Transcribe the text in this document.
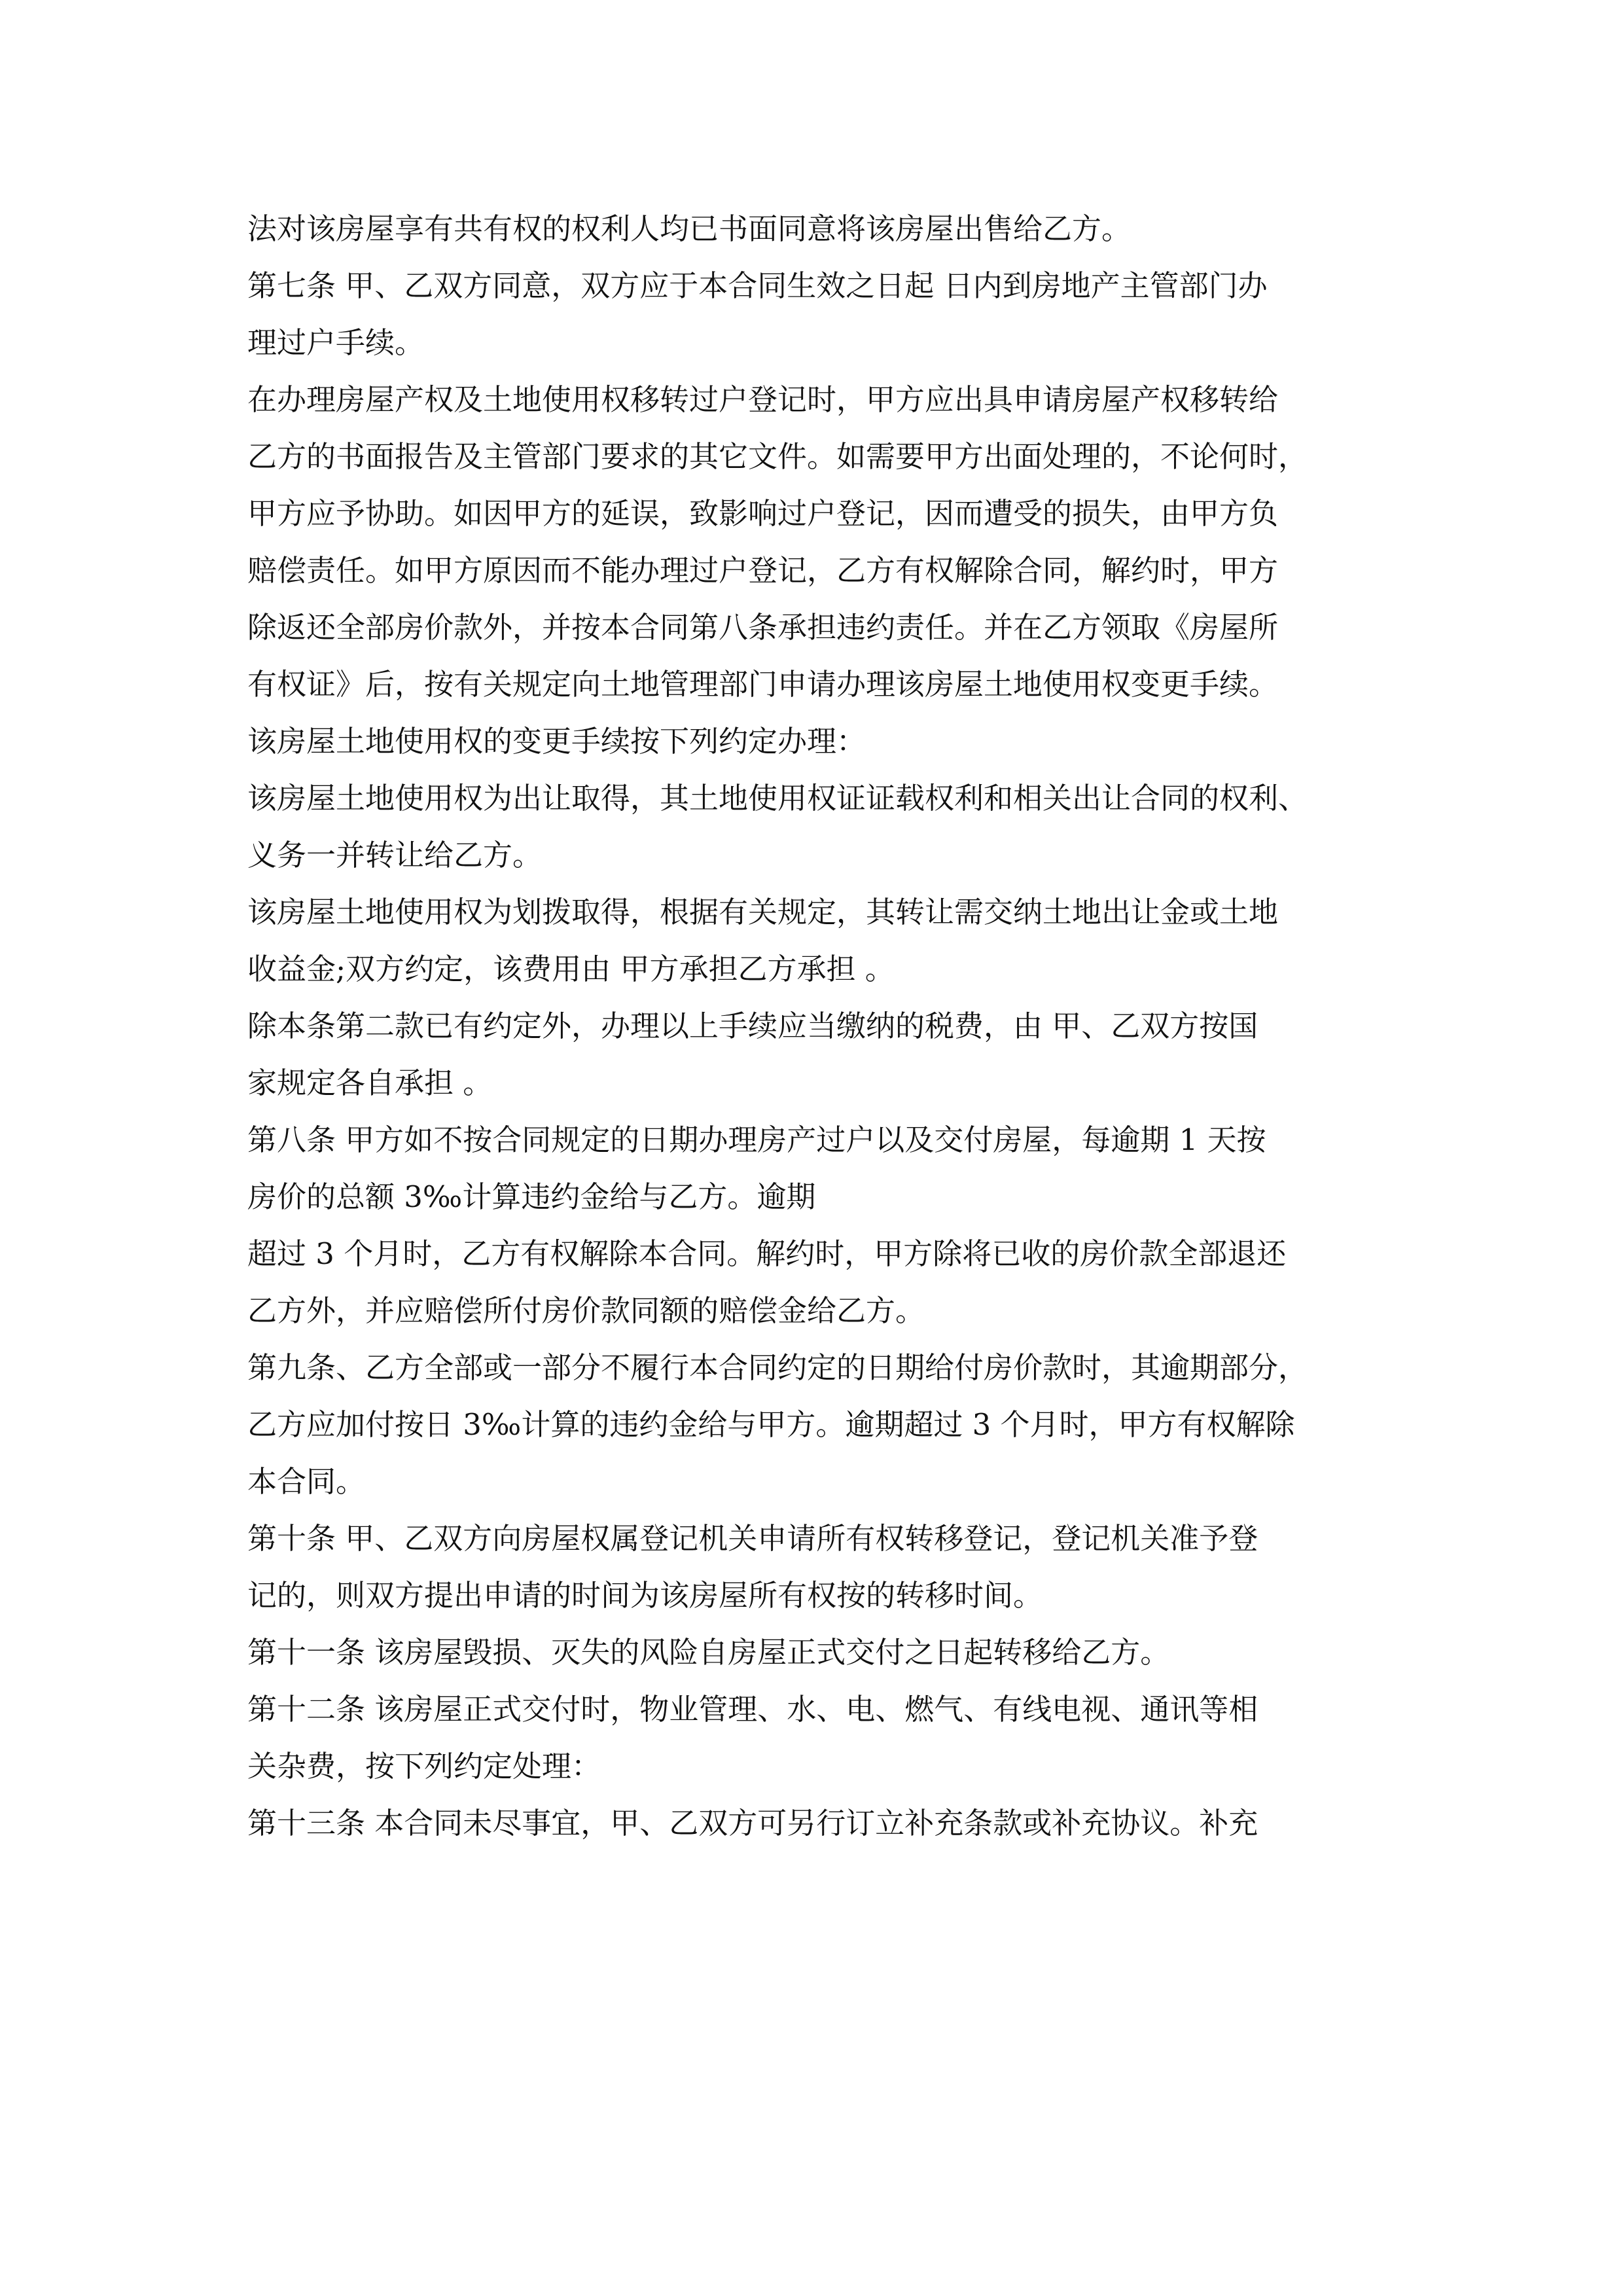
法对该房屋享有共有权的权利人均已书面同意将该房屋出售给乙方。
第七条 甲、乙双方同意，双方应于本合同生效之日起 日内到房地产主管部门办
理过户手续。
在办理房屋产权及土地使用权移转过户登记时，甲方应出具申请房屋产权移转给
乙方的书面报告及主管部门要求的其它文件。如需要甲方出面处理的，不论何时，
甲方应予协助。如因甲方的延误，致影响过户登记，因而遭受的损失，由甲方负
赔偿责任。如甲方原因而不能办理过户登记，乙方有权解除合同，解约时，甲方
除返还全部房价款外，并按本合同第八条承担违约责任。并在乙方领取《房屋所
有权证》后，按有关规定向土地管理部门申请办理该房屋土地使用权变更手续。
该房屋土地使用权的变更手续按下列约定办理：
该房屋土地使用权为出让取得，其土地使用权证证载权利和相关出让合同的权利、
义务一并转让给乙方。
该房屋土地使用权为划拨取得，根据有关规定，其转让需交纳土地出让金或土地
收益金;双方约定，该费用由 甲方承担乙方承担 。
除本条第二款已有约定外，办理以上手续应当缴纳的税费，由 甲、乙双方按国
家规定各自承担 。
第八条 甲方如不按合同规定的日期办理房产过户以及交付房屋，每逾期 1 天按
房价的总额 3‰计算违约金给与乙方。逾期
超过 3 个月时，乙方有权解除本合同。解约时，甲方除将已收的房价款全部退还
乙方外，并应赔偿所付房价款同额的赔偿金给乙方。
第九条、乙方全部或一部分不履行本合同约定的日期给付房价款时，其逾期部分，
乙方应加付按日 3‰计算的违约金给与甲方。逾期超过 3 个月时，甲方有权解除
本合同。
第十条 甲、乙双方向房屋权属登记机关申请所有权转移登记，登记机关准予登
记的，则双方提出申请的时间为该房屋所有权按的转移时间。
第十一条 该房屋毁损、灭失的风险自房屋正式交付之日起转移给乙方。
第十二条 该房屋正式交付时，物业管理、水、电、燃气、有线电视、通讯等相
关杂费，按下列约定处理：
第十三条 本合同未尽事宜，甲、乙双方可另行订立补充条款或补充协议。补充
